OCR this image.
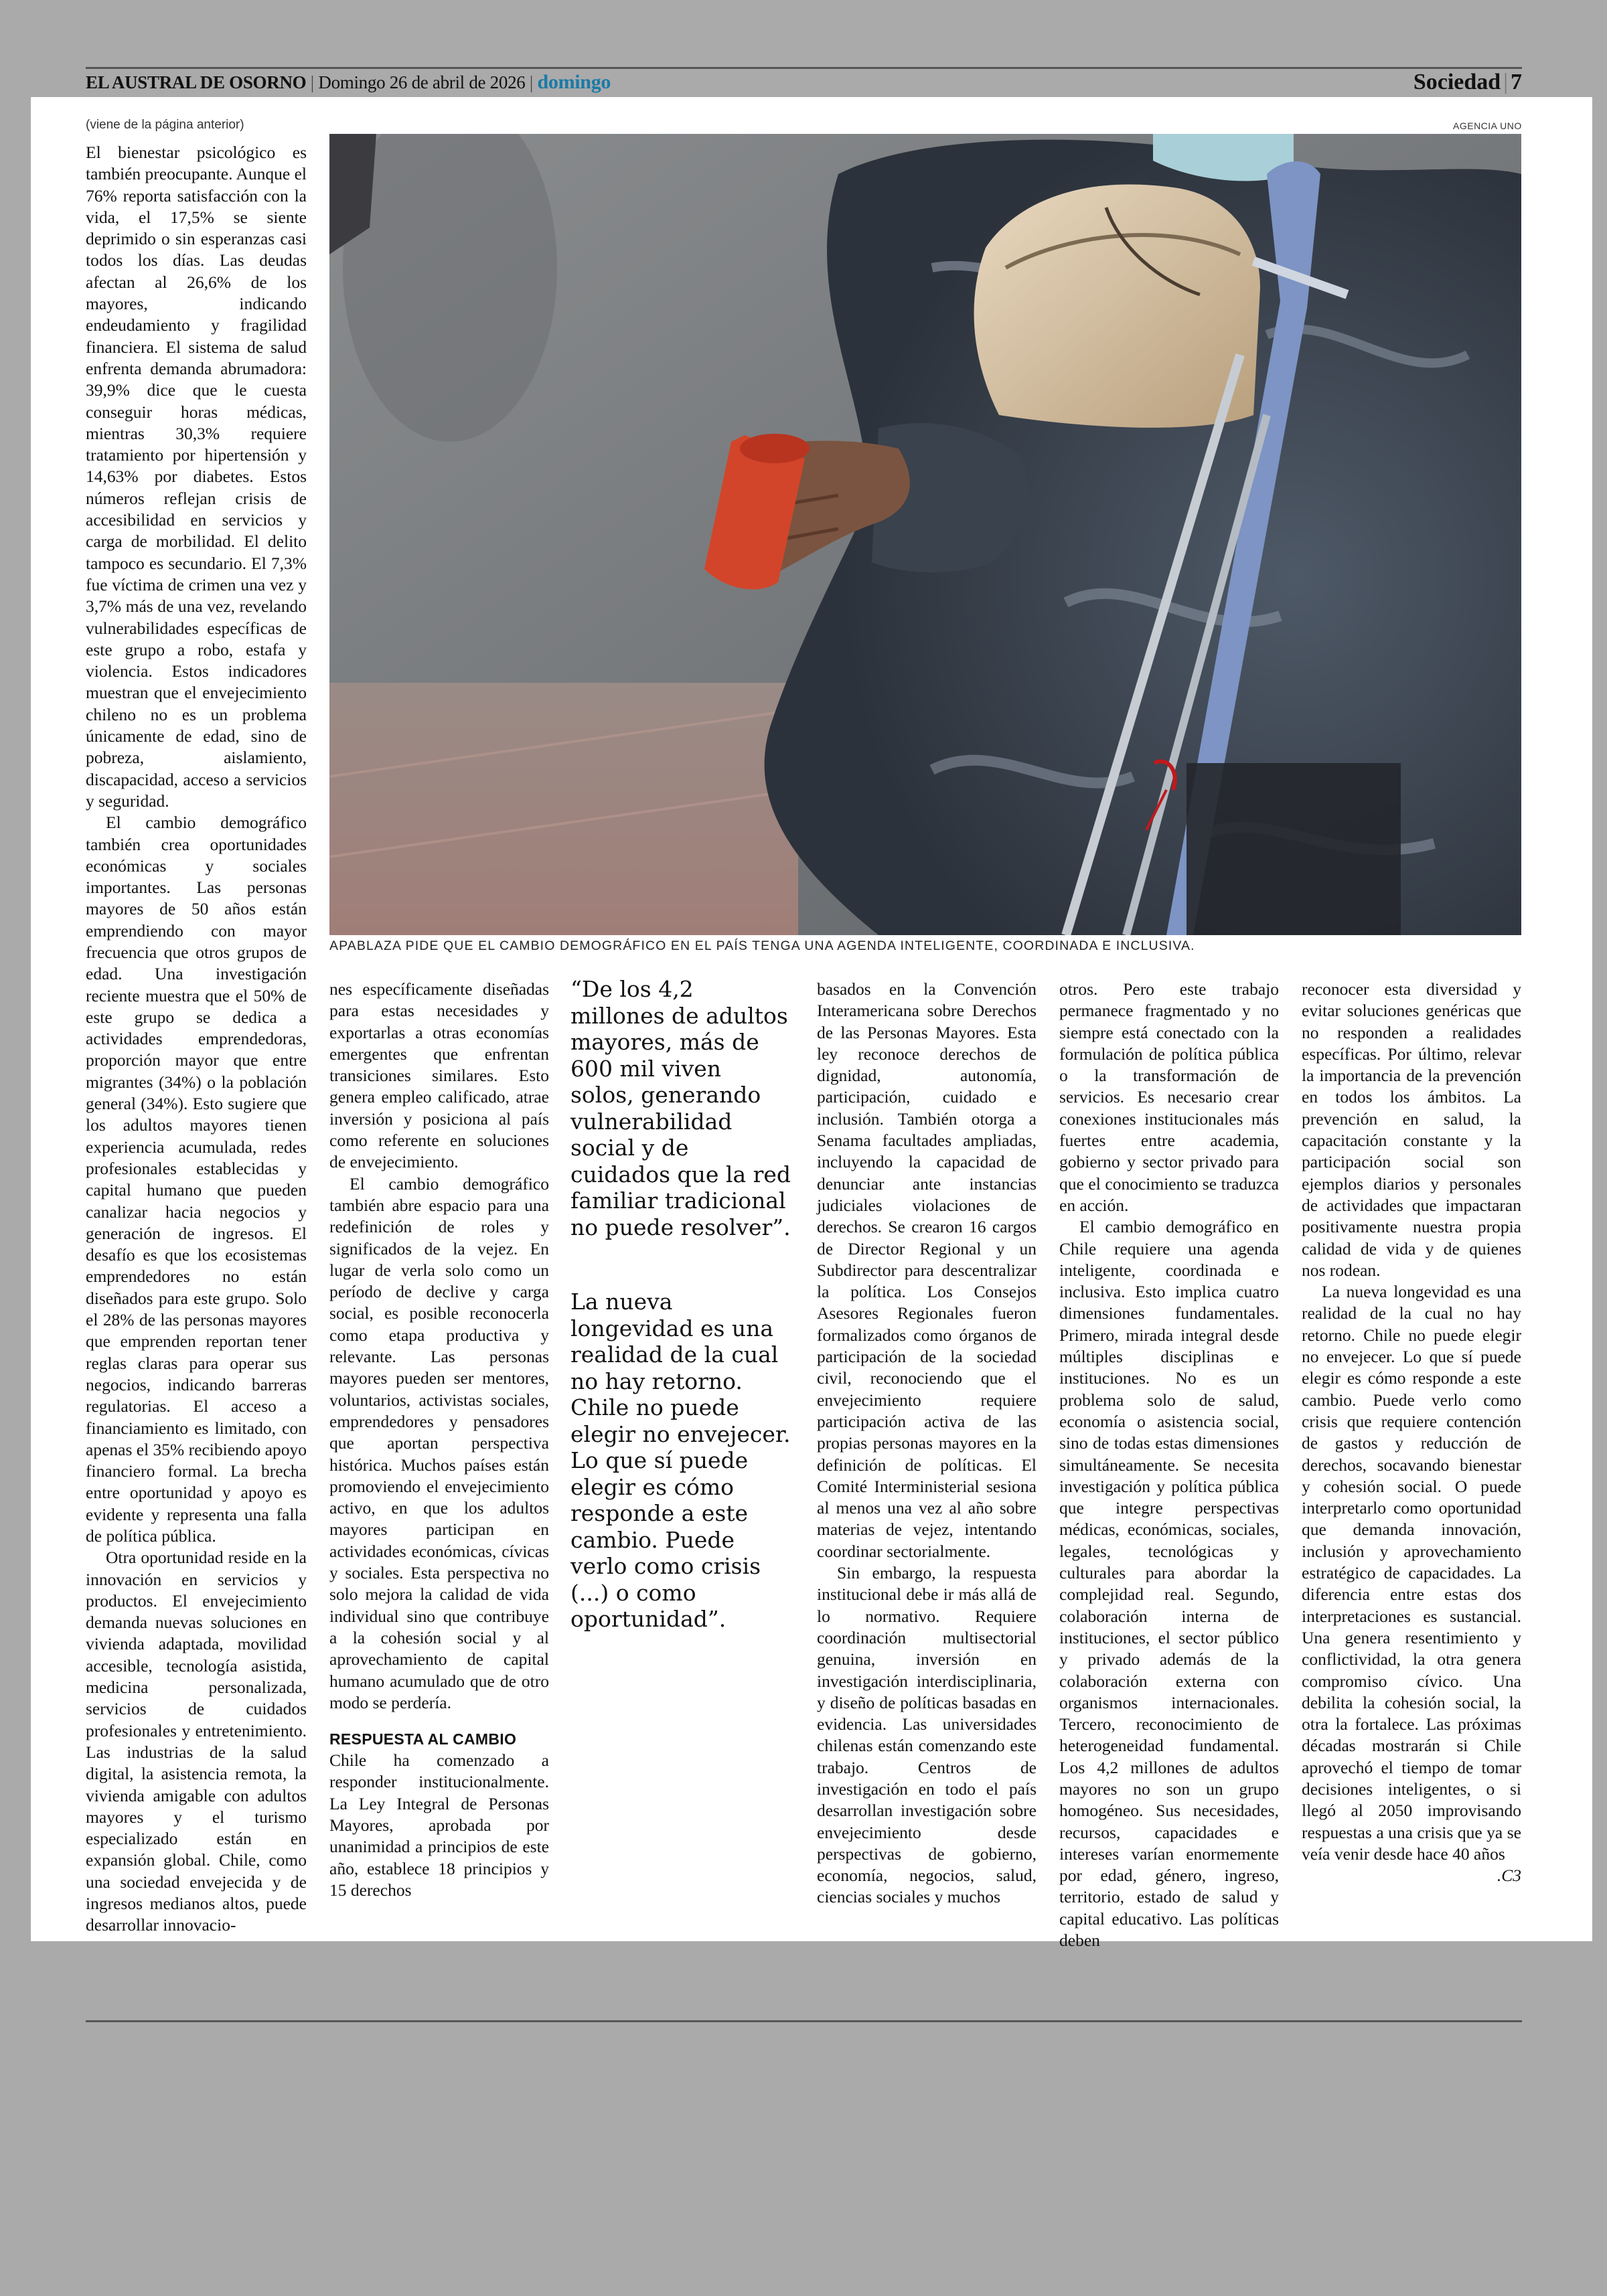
EL AUSTRAL DE OSORNO | Domingo 26 de abril de 2026 | domingo	Sociedad | 7
(viene de la página anterior)	AGENCIA UNO
APABLAZA PIDE QUE EL CAMBIO DEMOGRÁFICO EN EL PAÍS TENGA UNA AGENDA INTELIGENTE, COORDINADA E INCLUSIVA.

El bienestar psicológico es también preocupante. Aunque el 76% reporta satisfacción con la vida, el 17,5% se siente deprimido o sin esperanzas casi todos los días. Las deudas afectan al 26,6% de los mayores, indicando endeudamiento y fragilidad financiera. El sistema de salud enfrenta demanda abrumadora: 39,9% dice que le cuesta conseguir horas médicas, mientras 30,3% requiere tratamiento por hipertensión y 14,63% por diabetes. Estos números reflejan crisis de accesibilidad en servicios y carga de morbilidad. El delito tampoco es secundario. El 7,3% fue víctima de crimen una vez y 3,7% más de una vez, revelando vulnerabilidades específicas de este grupo a robo, estafa y violencia. Estos indicadores muestran que el envejecimiento chileno no es un problema únicamente de edad, sino de pobreza, aislamiento, discapacidad, acceso a servicios y seguridad.

El cambio demográfico también crea oportunidades económicas y sociales importantes. Las personas mayores de 50 años están emprendiendo con mayor frecuencia que otros grupos de edad. Una investigación reciente muestra que el 50% de este grupo se dedica a actividades emprendedoras, proporción mayor que entre migrantes (34%) o la población general (34%). Esto sugiere que los adultos mayores tienen experiencia acumulada, redes profesionales establecidas y capital humano que pueden canalizar hacia negocios y generación de ingresos. El desafío es que los ecosistemas emprendedores no están diseñados para este grupo. Solo el 28% de las personas mayores que emprenden reportan tener reglas claras para operar sus negocios, indicando barreras regulatorias. El acceso a financiamiento es limitado, con apenas el 35% recibiendo apoyo financiero formal. La brecha entre oportunidad y apoyo es evidente y representa una falla de política pública.

Otra oportunidad reside en la innovación en servicios y productos. El envejecimiento demanda nuevas soluciones en vivienda adaptada, movilidad accesible, tecnología asistida, medicina personalizada, servicios de cuidados profesionales y entretenimiento. Las industrias de la salud digital, la asistencia remota, la vivienda amigable con adultos mayores y el turismo especializado están en expansión global. Chile, como una sociedad envejecida y de ingresos medianos altos, puede desarrollar innovacio-

nes específicamente diseñadas para estas necesidades y exportarlas a otras economías emergentes que enfrentan transiciones similares. Esto genera empleo calificado, atrae inversión y posiciona al país como referente en soluciones de envejecimiento.

El cambio demográfico también abre espacio para una redefinición de roles y significados de la vejez. En lugar de verla solo como un período de declive y carga social, es posible reconocerla como etapa productiva y relevante. Las personas mayores pueden ser mentores, voluntarios, activistas sociales, emprendedores y pensadores que aportan perspectiva histórica. Muchos países están promoviendo el envejecimiento activo, en que los adultos mayores participan en actividades económicas, cívicas y sociales. Esta perspectiva no solo mejora la calidad de vida individual sino que contribuye a la cohesión social y al aprovechamiento de capital humano acumulado que de otro modo se perdería.

RESPUESTA AL CAMBIO

Chile ha comenzado a responder institucionalmente. La Ley Integral de Personas Mayores, aprobada por unanimidad a principios de este año, establece 18 principios y 15 derechos

“De los 4,2 millones de adultos mayores, más de 600 mil viven solos, generando vulnerabilidad social y de cuidados que la red familiar tradicional no puede resolver”.
La nueva longevidad es una realidad de la cual no hay retorno. Chile no puede elegir no envejecer. Lo que sí puede elegir es cómo responde a este cambio. Puede verlo como crisis (...) o como oportunidad”.

basados en la Convención Interamericana sobre Derechos de las Personas Mayores. Esta ley reconoce derechos de dignidad, autonomía, participación, cuidado e inclusión. También otorga a Senama facultades ampliadas, incluyendo la capacidad de denunciar ante instancias judiciales violaciones de derechos. Se crearon 16 cargos de Director Regional y un Subdirector para descentralizar la política. Los Consejos Asesores Regionales fueron formalizados como órganos de participación de la sociedad civil, reconociendo que el envejecimiento requiere participación activa de las propias personas mayores en la definición de políticas. El Comité Interministerial sesiona al menos una vez al año sobre materias de vejez, intentando coordinar sectorialmente.

Sin embargo, la respuesta institucional debe ir más allá de lo normativo. Requiere coordinación multisectorial genuina, inversión en investigación interdisciplinaria, y diseño de políticas basadas en evidencia. Las universidades chilenas están comenzando este trabajo. Centros de investigación en todo el país desarrollan investigación sobre envejecimiento desde perspectivas de gobierno, economía, negocios, salud, ciencias sociales y muchos

otros. Pero este trabajo permanece fragmentado y no siempre está conectado con la formulación de política pública o la transformación de servicios. Es necesario crear conexiones institucionales más fuertes entre academia, gobierno y sector privado para que el conocimiento se traduzca en acción.

El cambio demográfico en Chile requiere una agenda inteligente, coordinada e inclusiva. Esto implica cuatro dimensiones fundamentales. Primero, mirada integral desde múltiples disciplinas e instituciones. No es un problema solo de salud, economía o asistencia social, sino de todas estas dimensiones simultáneamente. Se necesita investigación y política pública que integre perspectivas médicas, económicas, sociales, legales, tecnológicas y culturales para abordar la complejidad real. Segundo, colaboración interna de instituciones, el sector público y privado además de la colaboración externa con organismos internacionales. Tercero, reconocimiento de heterogeneidad fundamental. Los 4,2 millones de adultos mayores no son un grupo homogéneo. Sus necesidades, recursos, capacidades e intereses varían enormemente por edad, género, ingreso, territorio, estado de salud y capital educativo. Las políticas deben

reconocer esta diversidad y evitar soluciones genéricas que no responden a realidades específicas. Por último, relevar la importancia de la prevención en todos los ámbitos. La prevención en salud, la capacitación constante y la participación social son ejemplos diarios y personales de actividades que impactaran positivamente nuestra propia calidad de vida y de quienes nos rodean.

La nueva longevidad es una realidad de la cual no hay retorno. Chile no puede elegir no envejecer. Lo que sí puede elegir es cómo responde a este cambio. Puede verlo como crisis que requiere contención de gastos y reducción de derechos, socavando bienestar y cohesión social. O puede interpretarlo como oportunidad que demanda innovación, inclusión y aprovechamiento estratégico de capacidades. La diferencia entre estas dos interpretaciones es sustancial. Una genera resentimiento y conflictividad, la otra genera compromiso cívico. Una debilita la cohesión social, la otra la fortalece. Las próximas décadas mostrarán si Chile aprovechó el tiempo de tomar decisiones inteligentes, o si llegó al 2050 improvisando respuestas a una crisis que ya se veía venir desde hace 40 años
.C3
